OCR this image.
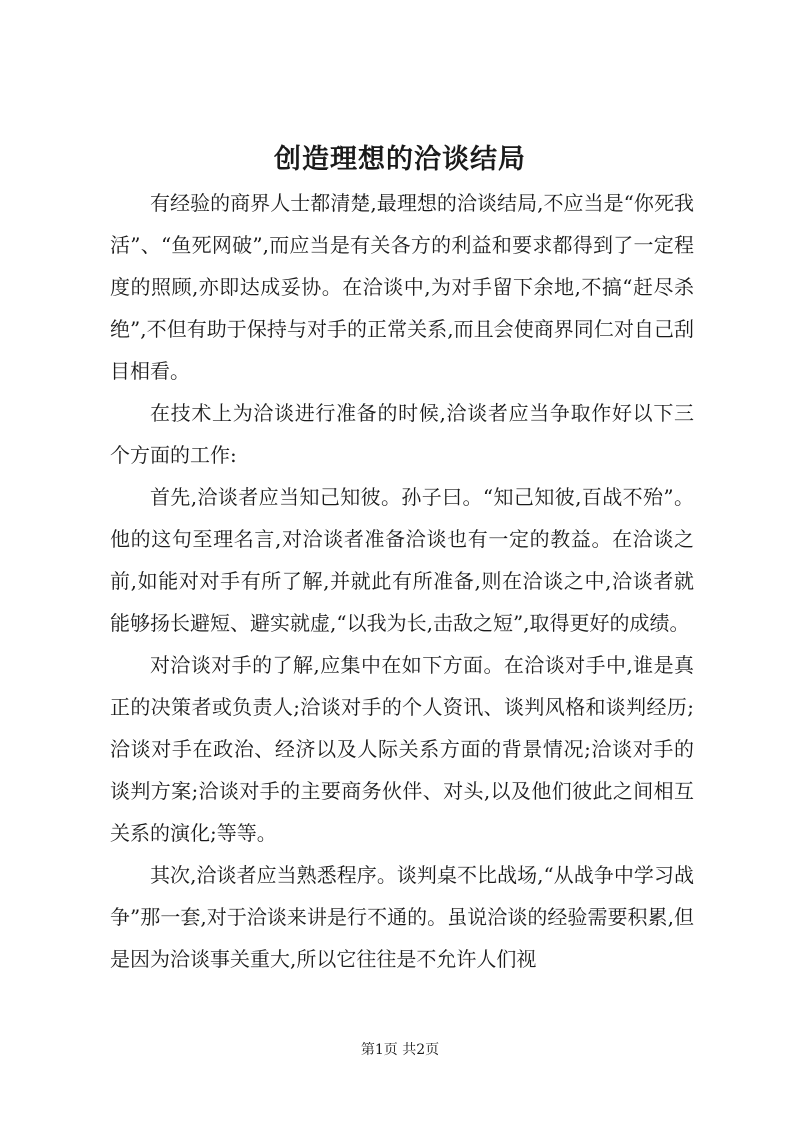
创造理想的洽谈结局

有经验的商界人士都清楚,最理想的洽谈结局,不应当是“你死我活”、“鱼死网破”,而应当是有关各方的利益和要求都得到了一定程度的照顾,亦即达成妥协。在洽谈中,为对手留下余地,不搞“赶尽杀绝”,不但有助于保持与对手的正常关系,而且会使商界同仁对自己刮目相看。

在技术上为洽谈进行准备的时候,洽谈者应当争取作好以下三个方面的工作:

首先,洽谈者应当知己知彼。孙子曰。“知己知彼,百战不殆”。他的这句至理名言,对洽谈者准备洽谈也有一定的教益。在洽谈之前,如能对对手有所了解,并就此有所准备,则在洽谈之中,洽谈者就能够扬长避短、避实就虚,“以我为长,击敌之短”,取得更好的成绩。

对洽谈对手的了解,应集中在如下方面。在洽谈对手中,谁是真正的决策者或负责人;洽谈对手的个人资讯、谈判风格和谈判经历;洽谈对手在政治、经济以及人际关系方面的背景情况;洽谈对手的谈判方案;洽谈对手的主要商务伙伴、对头,以及他们彼此之间相互关系的演化;等等。

其次,洽谈者应当熟悉程序。谈判桌不比战场,“从战争中学习战争”那一套,对于洽谈来讲是行不通的。虽说洽谈的经验需要积累,但是因为洽谈事关重大,所以它往往是不允许人们视

第1页 共2页
